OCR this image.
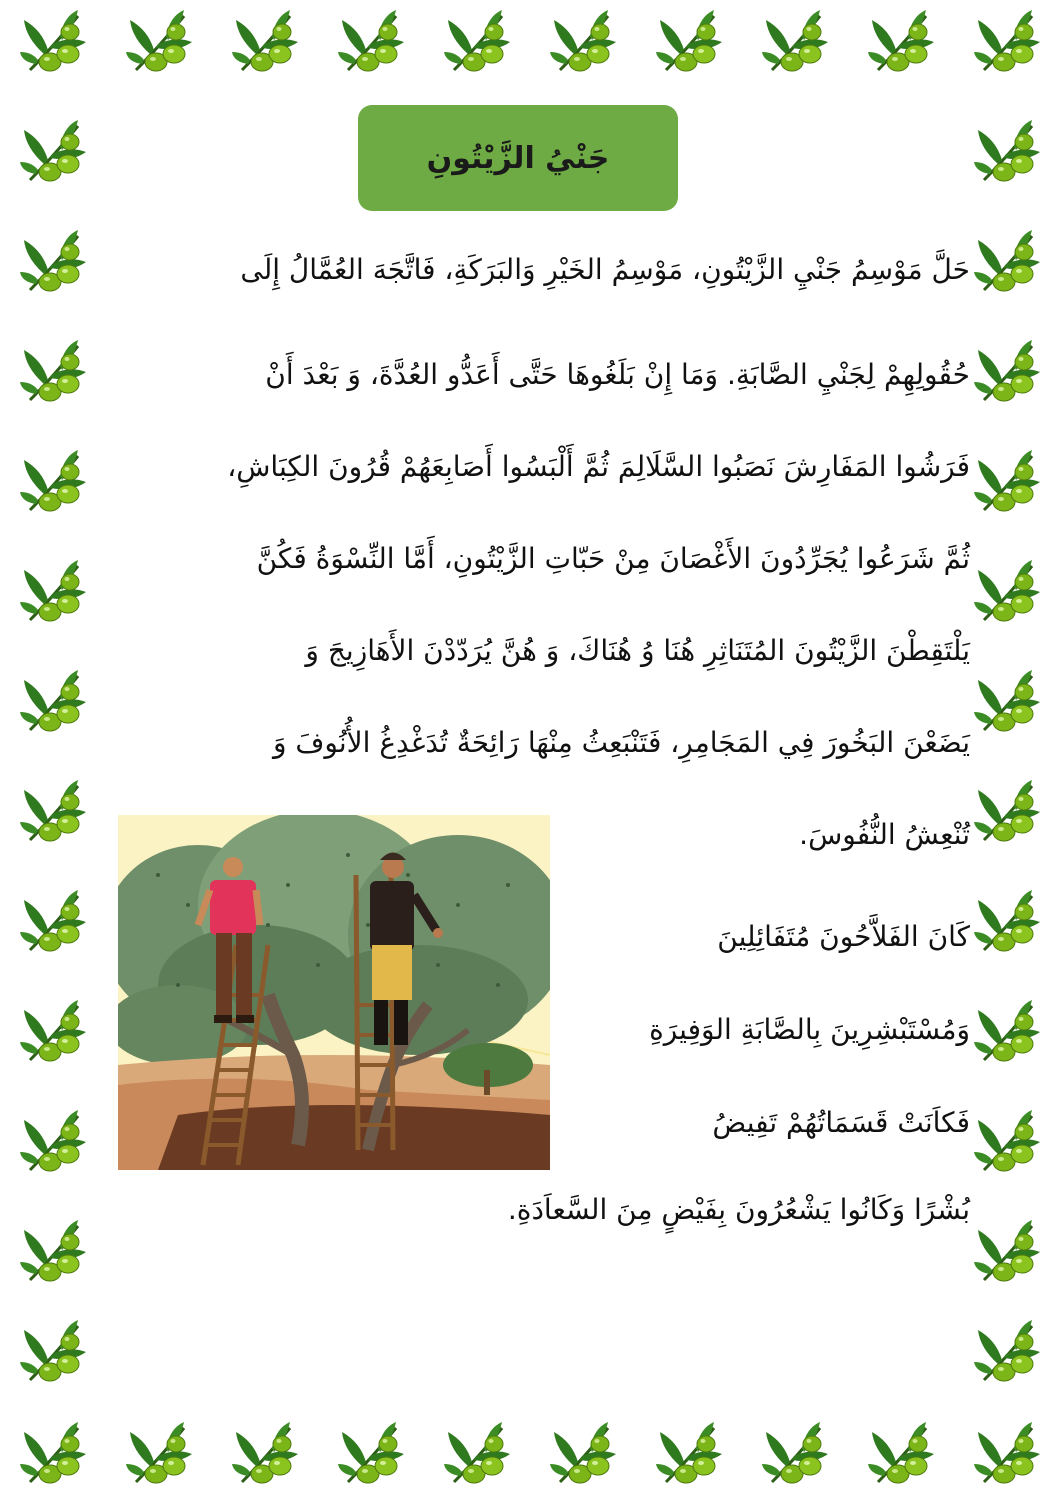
جَنْيُ الزَّيْتُونِ
حَلَّ مَوْسِمُ جَنْيِ الزَّيْتُونِ، مَوْسِمُ الخَيْرِ وَالبَرَكَةِ، فَاتَّجَهَ العُمَّالُ إِلَى
حُقُولِهِمْ لِجَنْيِ الصَّابَةِ. وَمَا إِنْ بَلَغُوهَا حَتَّى أَعَدُّو العُدَّةَ، وَ بَعْدَ أَنْ
فَرَشُوا المَفَارِشَ نَصَبُوا السَّلَالِمَ ثُمَّ أَلْبَسُوا أَصَابِعَهُمْ قُرُونَ الكِبَاشِ،
ثُمَّ شَرَعُوا يُجَرِّدُونَ الأَغْصَانَ مِنْ حَبّاتِ الزَّيْتُونِ، أَمَّا النِّسْوَةُ فَكُنَّ
يَلْتَقِطْنَ الزَّيْتُونَ المُتَنَاثِرِ هُنَا وُ هُنَاكَ، وَ هُنَّ يُرَدّدْنَ الأَهَازِيجَ وَ
يَضَعْنَ البَخُورَ فِي المَجَامِرِ، فَتَنْبَعِثُ مِنْهَا رَائِحَةٌ تُدَغْدِغُ الأُنُوفَ وَ
تُنْعِشُ النُّفُوسَ.
كَانَ الفَلاَّحُونَ مُتَفَائِلِينَ
وَمُسْتَبْشِرِينَ بِالصَّابَةِ الوَفِيرَةِ
فَكاَنَتْ قَسَمَاتُهُمْ تَفِيضُ
بُشْرًا وَكَانُوا يَشْعُرُونَ بِفَيْضٍ مِنَ السَّعاَدَةِ.
